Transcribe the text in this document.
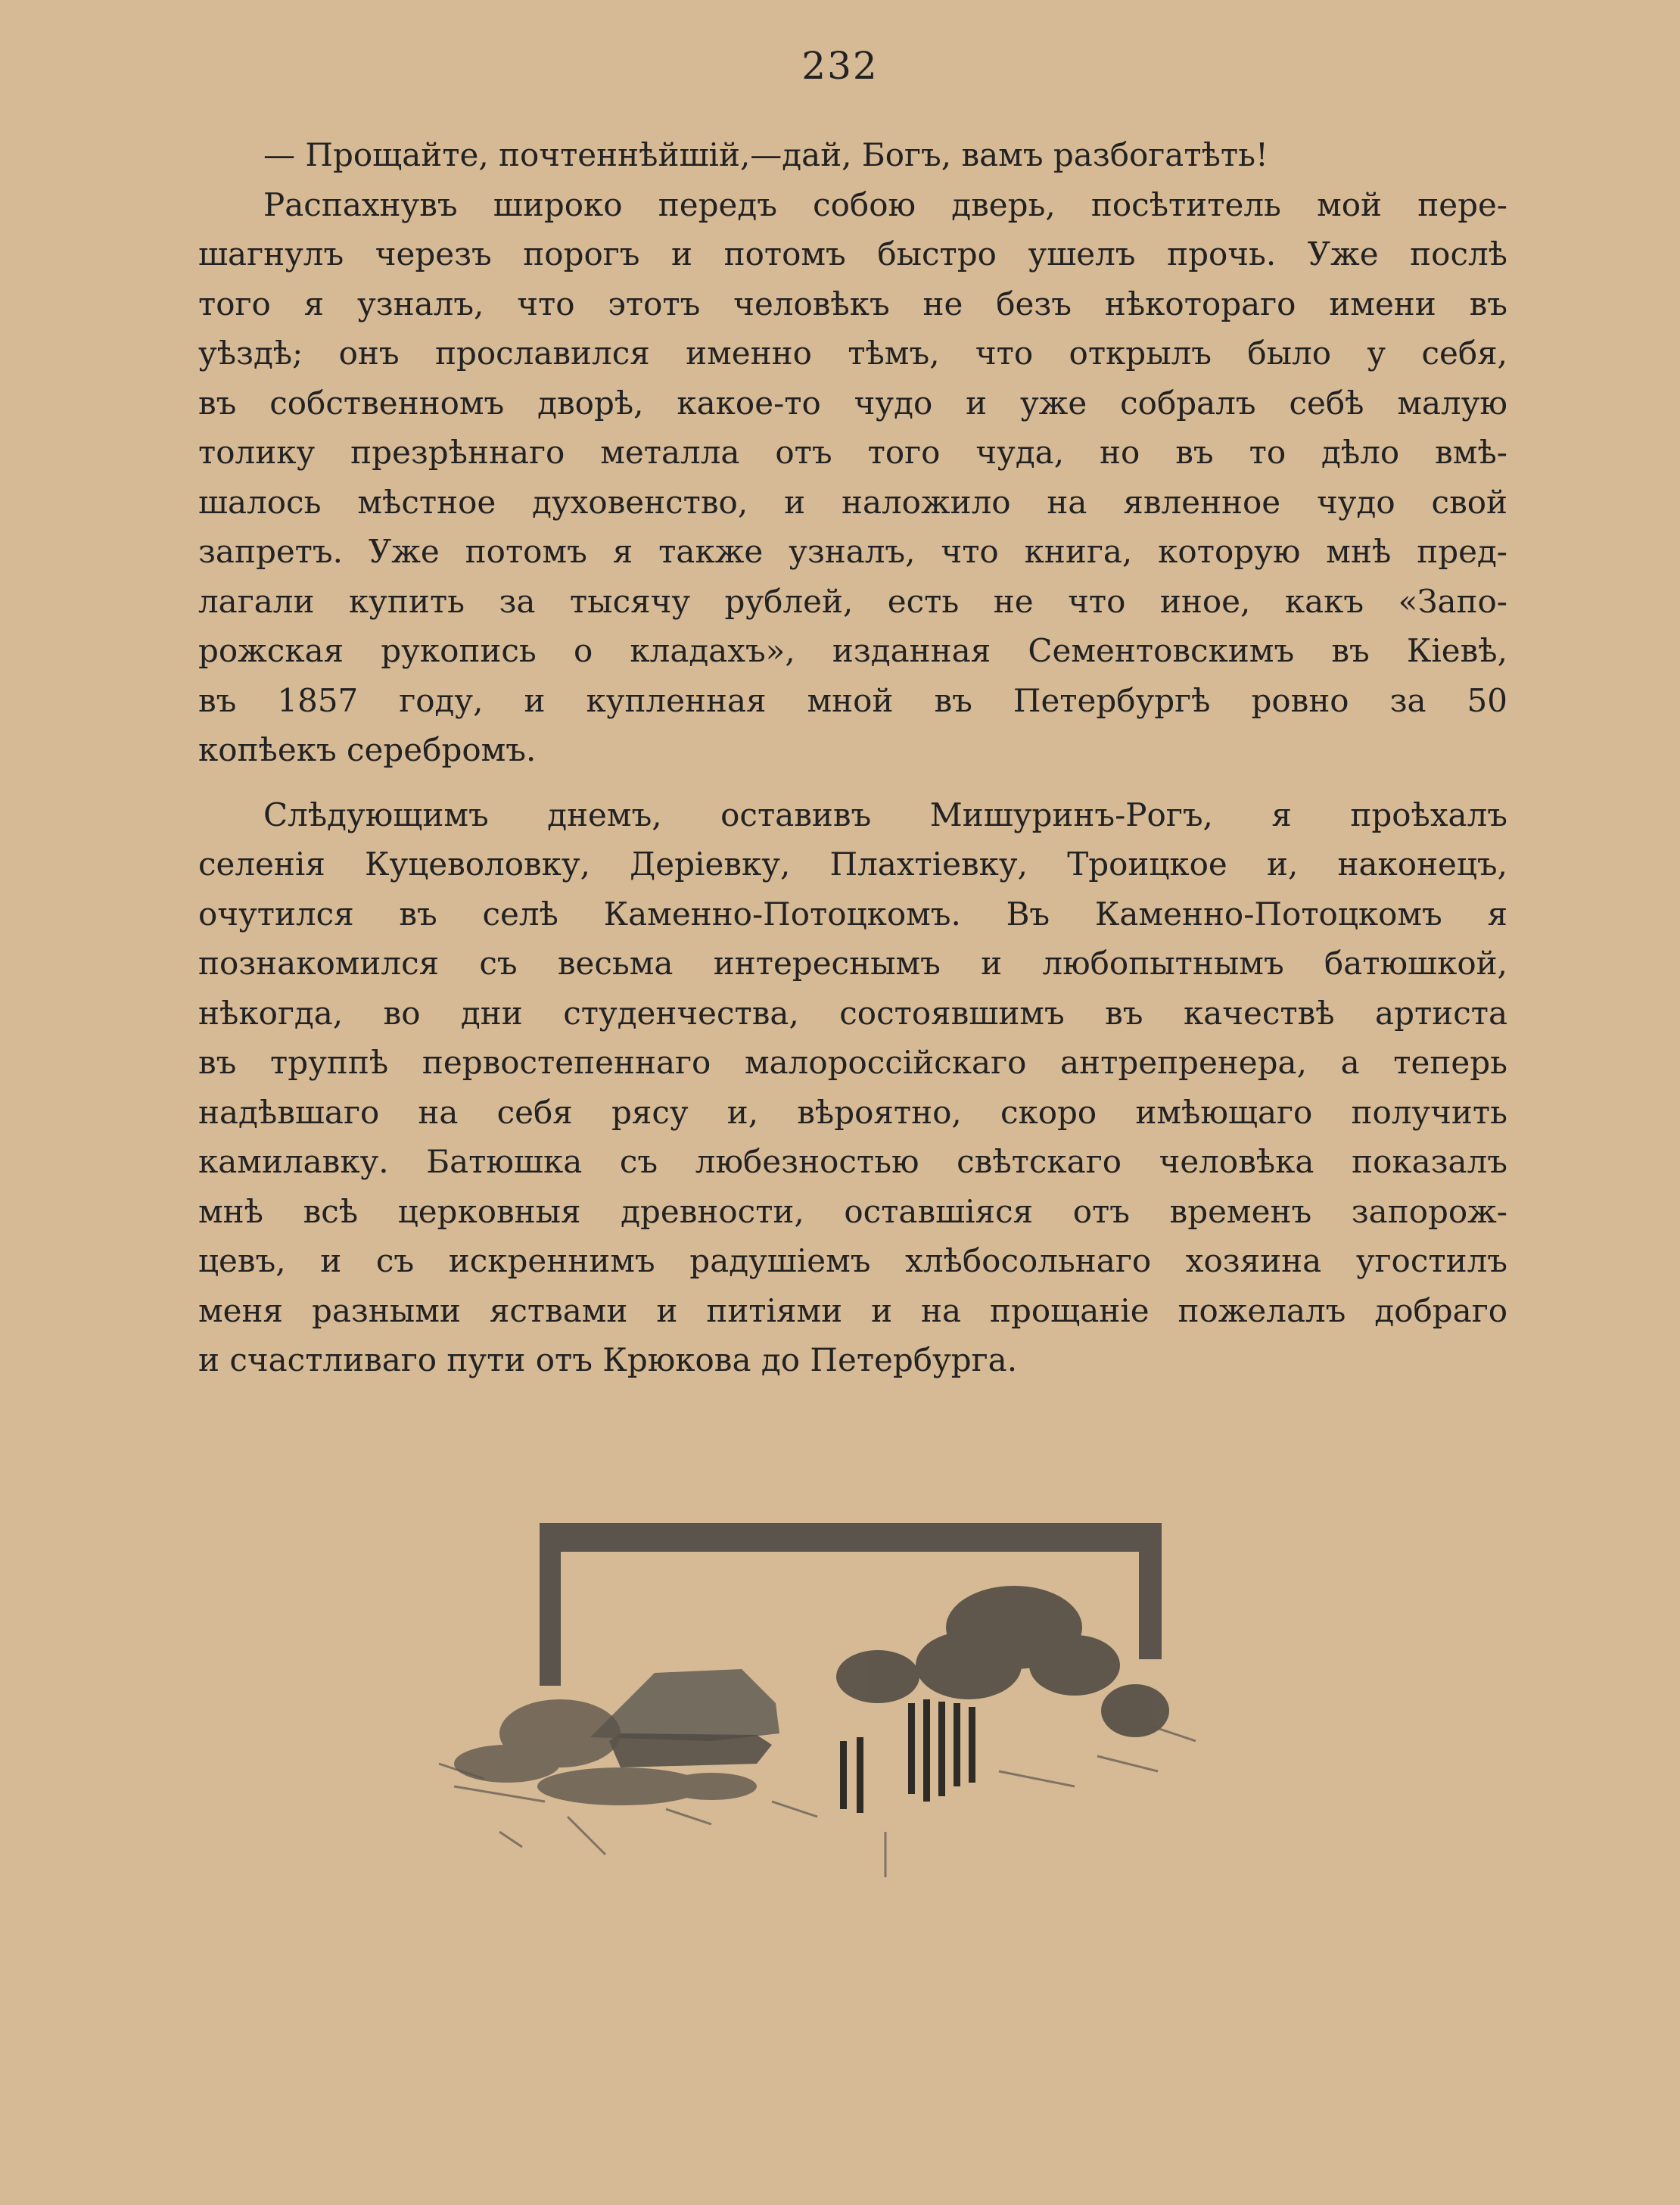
232

— Прощайте, почтеннѣйшій,—дай, Богъ, вамъ разбогатѣть!

Распахнувъ широко передъ собою дверь, посѣтитель мой пере-
шагнулъ черезъ порогъ и потомъ быстро ушелъ прочь. Уже послѣ
того я узналъ, что этотъ человѣкъ не безъ нѣкотораго имени въ
уѣздѣ; онъ прославился именно тѣмъ, что открылъ было у себя,
въ собственномъ дворѣ, какое-то чудо и уже собралъ себѣ малую
толику презрѣннаго металла отъ того чуда, но въ то дѣло вмѣ-
шалось мѣстное духовенство, и наложило на явленное чудо свой
запретъ. Уже потомъ я также узналъ, что книга, которую мнѣ пред-
лагали купить за тысячу рублей, есть не что иное, какъ «Запо-
рожская рукопись о кладахъ», изданная Сементовскимъ въ Кіевѣ,
въ 1857 году, и купленная мной въ Петербургѣ ровно за 50
копѣекъ серебромъ.

Слѣдующимъ днемъ, оставивъ Мишуринъ-Рогъ, я проѣхалъ
селенія Куцеволовку, Деріевку, Плахтіевку, Троицкое и, наконецъ,
очутился въ селѣ Каменно-Потоцкомъ. Въ Каменно-Потоцкомъ я
познакомился съ весьма интереснымъ и любопытнымъ батюшкой,
нѣкогда, во дни студенчества, состоявшимъ въ качествѣ артиста
въ труппѣ первостепеннаго малороссійскаго антрепренера, а теперь
надѣвшаго на себя рясу и, вѣроятно, скоро имѣющаго получить
камилавку. Батюшка съ любезностью свѣтскаго человѣка показалъ
мнѣ всѣ церковныя древности, оставшіяся отъ временъ запорож-
цевъ, и съ искреннимъ радушіемъ хлѣбосольнаго хозяина угостилъ
меня разными яствами и питіями и на прощаніе пожелалъ добраго
и счастливаго пути отъ Крюкова до Петербурга.
